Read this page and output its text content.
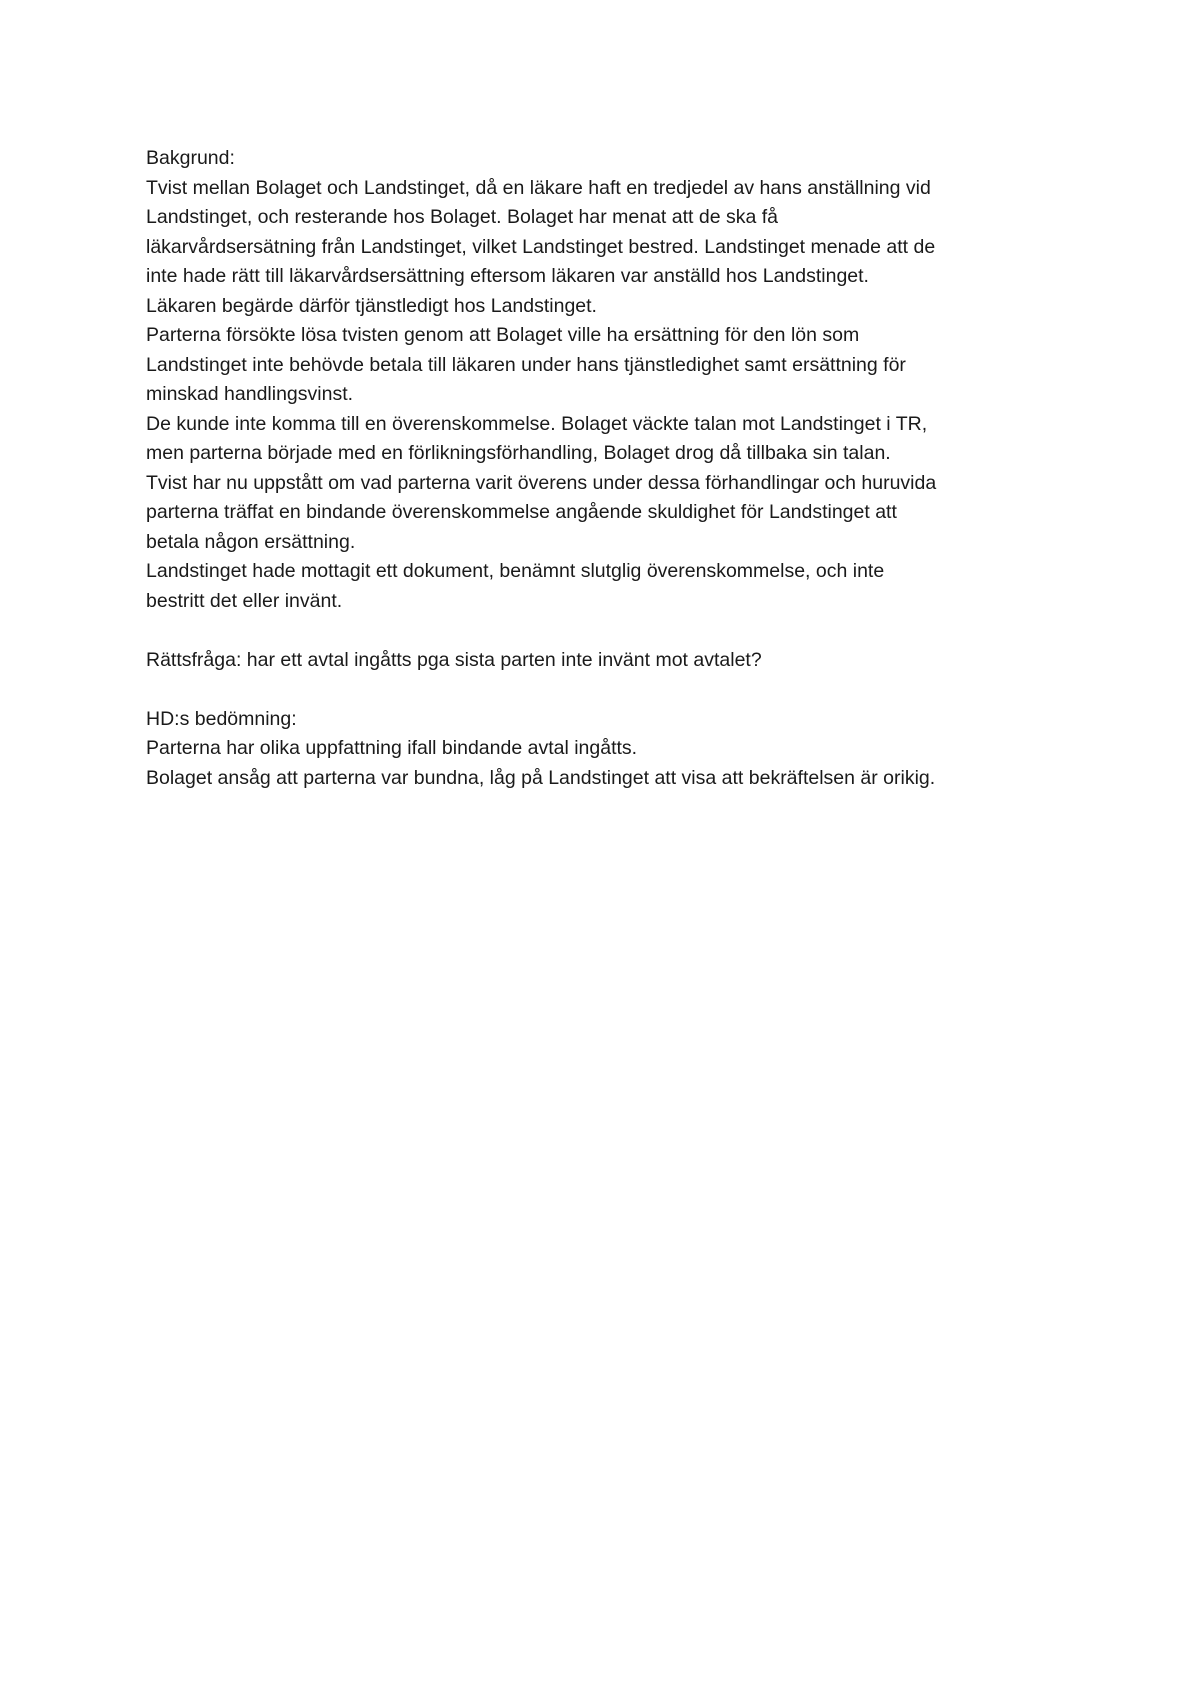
Bakgrund:
Tvist mellan Bolaget och Landstinget, då en läkare haft en tredjedel av hans anställning vid
Landstinget, och resterande hos Bolaget. Bolaget har menat att de ska få
läkarvårdsersätning från Landstinget, vilket Landstinget bestred. Landstinget menade att de
inte hade rätt till läkarvårdsersättning eftersom läkaren var anställd hos Landstinget.
Läkaren begärde därför tjänstledigt hos Landstinget.
Parterna försökte lösa tvisten genom att Bolaget ville ha ersättning för den lön som
Landstinget inte behövde betala till läkaren under hans tjänstledighet samt ersättning för
minskad handlingsvinst.
De kunde inte komma till en överenskommelse. Bolaget väckte talan mot Landstinget i TR,
men parterna började med en förlikningsförhandling, Bolaget drog då tillbaka sin talan.
Tvist har nu uppstått om vad parterna varit överens under dessa förhandlingar och huruvida
parterna träffat en bindande överenskommelse angående skuldighet för Landstinget att
betala någon ersättning.
Landstinget hade mottagit ett dokument, benämnt slutglig överenskommelse, och inte
bestritt det eller invänt.
Rättsfråga: har ett avtal ingåtts pga sista parten inte invänt mot avtalet?
HD:s bedömning:
Parterna har olika uppfattning ifall bindande avtal ingåtts.
Bolaget ansåg att parterna var bundna, låg på Landstinget att visa att bekräftelsen är orikig.
